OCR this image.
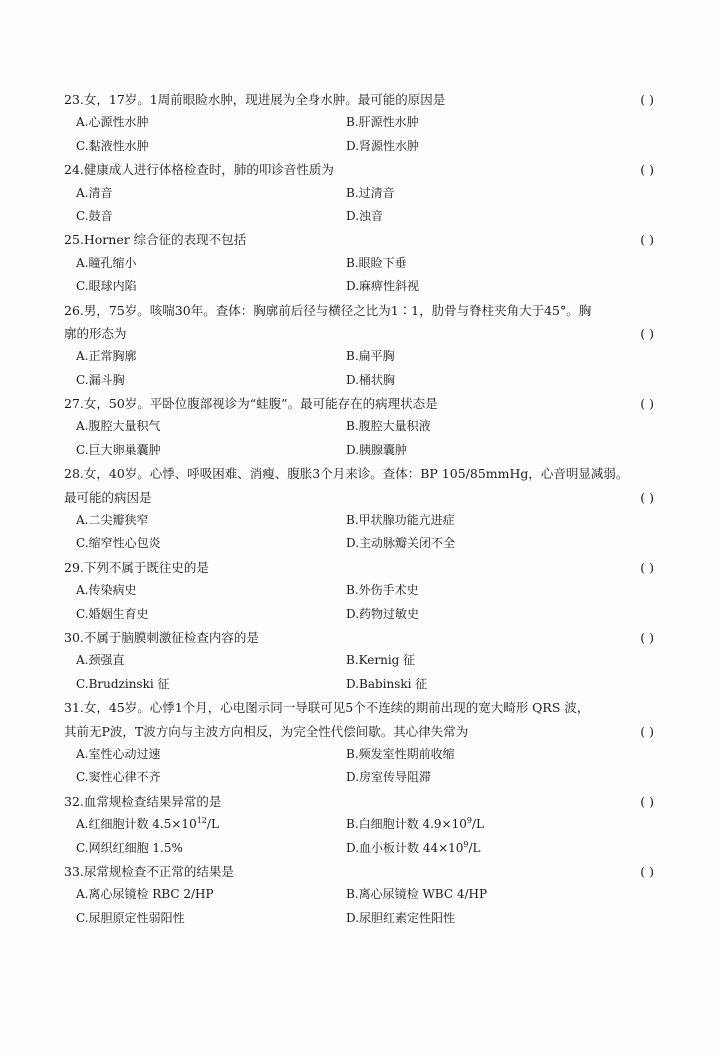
23.女，17岁。1周前眼睑水肿，现进展为全身水肿。最可能的原因是	( )
A.心源性水肿	B.肝源性水肿
C.黏液性水肿	D.肾源性水肿
24.健康成人进行体格检查时，肺的叩诊音性质为	( )
A.清音	B.过清音
C.鼓音	D.浊音
25.Horner 综合征的表现不包括	( )
A.瞳孔缩小	B.眼睑下垂
C.眼球内陷	D.麻痹性斜视
26.男，75岁。咳喘30年。查体：胸廓前后径与横径之比为1∶1，肋骨与脊柱夹角大于45°。胸
廓的形态为	( )
A.正常胸廓	B.扁平胸
C.漏斗胸	D.桶状胸
27.女，50岁。平卧位腹部视诊为“蛙腹”。最可能存在的病理状态是	( )
A.腹腔大量积气	B.腹腔大量积液
C.巨大卵巢囊肿	D.胰腺囊肿
28.女，40岁。心悸、呼吸困难、消瘦、腹胀3个月来诊。查体：BP 105/85mmHg，心音明显减弱。
最可能的病因是	( )
A.二尖瓣狭窄	B.甲状腺功能亢进症
C.缩窄性心包炎	D.主动脉瓣关闭不全
29.下列不属于既往史的是	( )
A.传染病史	B.外伤手术史
C.婚姻生育史	D.药物过敏史
30.不属于脑膜刺激征检查内容的是	( )
A.颈强直	B.Kernig 征
C.Brudzinski 征	D.Babinski 征
31.女，45岁。心悸1个月，心电图示同一导联可见5个不连续的期前出现的宽大畸形 QRS 波，
其前无P波，T波方向与主波方向相反，为完全性代偿间歇。其心律失常为	( )
A.室性心动过速	B.频发室性期前收缩
C.窦性心律不齐	D.房室传导阻滞
32.血常规检查结果异常的是	( )
A.红细胞计数 $4.5\times 10^{12}/L$	B.白细胞计数 $4.9\times 10^9/L$
C.网织红细胞 1.5%	D.血小板计数 $44\times 10^9/L$
33.尿常规检查不正常的结果是	( )
A.离心尿镜检 RBC 2/HP	B.离心尿镜检 WBC 4/HP
C.尿胆原定性弱阳性	D.尿胆红素定性阳性
